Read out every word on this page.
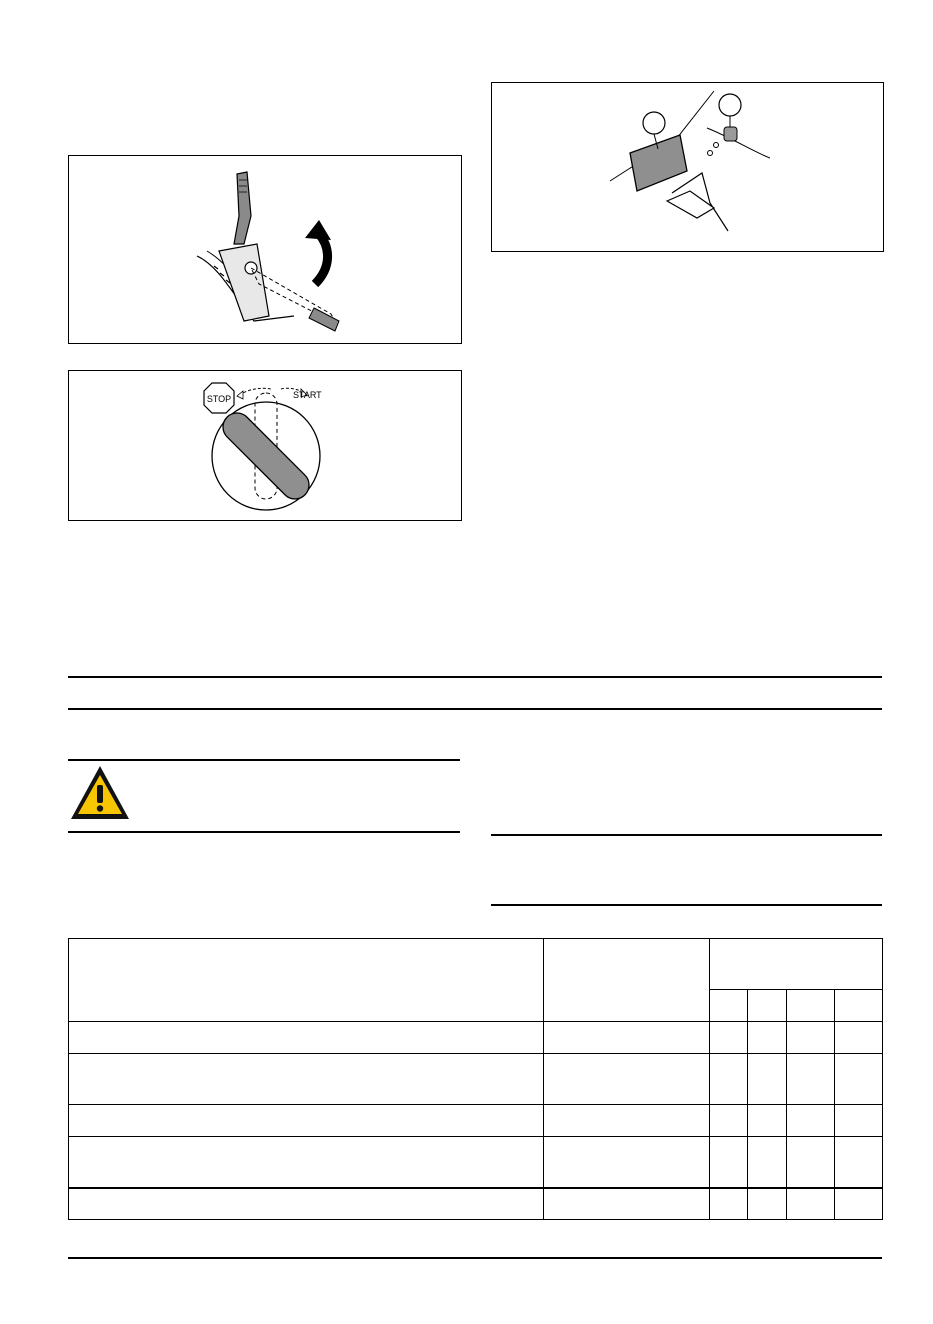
STOP	START
